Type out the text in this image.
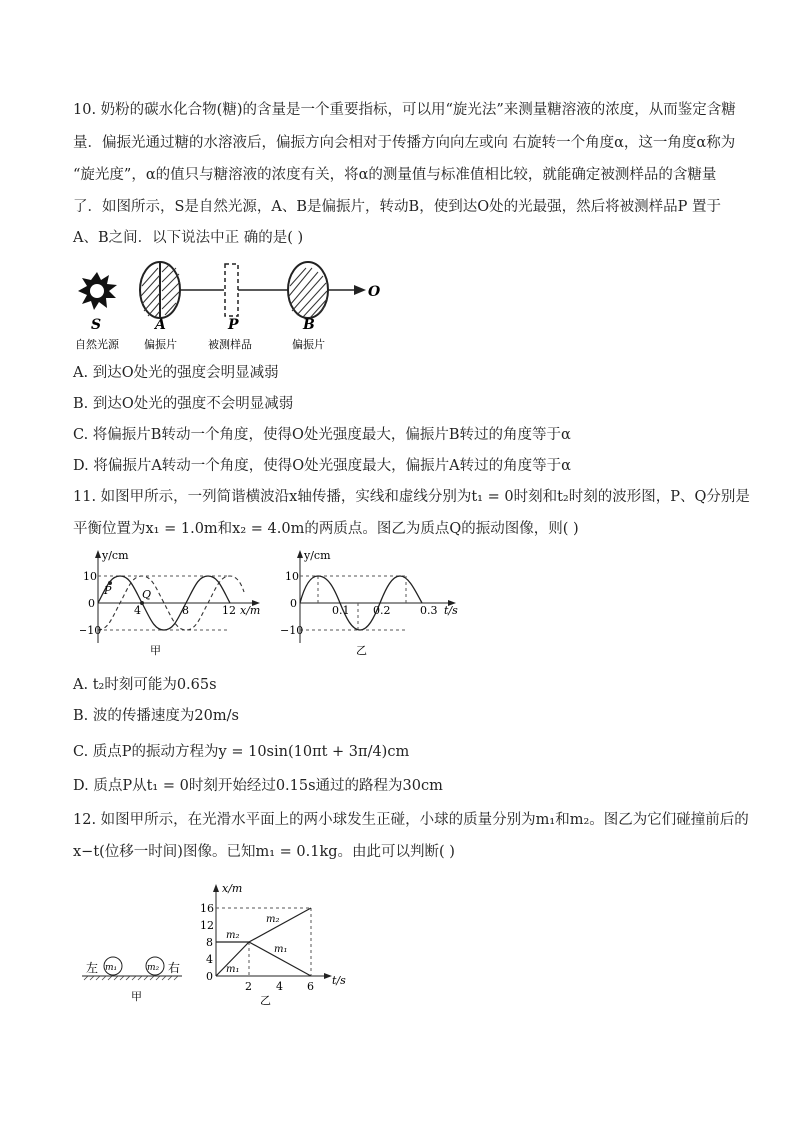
10. 奶粉的碳水化合物(糖)的含量是一个重要指标，可以用“旋光法”来测量糖溶液的浓度，从而鉴定含糖
量．偏振光通过糖的水溶液后，偏振方向会相对于传播方向向左或向 右旋转一个角度α，这一角度α称为
“旋光度”，α的值只与糖溶液的浓度有关，将α的测量值与标准值相比较，就能确定被测样品的含糖量
了．如图所示，S是自然光源，A、B是偏振片，转动B，使到达O处的光最强，然后将被测样品P 置于
A、B之间．以下说法中正 确的是( )
O
S	A	P	B
自然光源 偏振片	被测样品	偏振片
A. 到达O处光的强度会明显减弱
B. 到达O处光的强度不会明显减弱
C. 将偏振片B转动一个角度，使得O处光强度最大，偏振片B转过的角度等于α
D. 将偏振片A转动一个角度，使得O处光强度最大，偏振片A转过的角度等于α
11. 如图甲所示，一列简谐横波沿x轴传播，实线和虚线分别为t₁ = 0时刻和t₂时刻的波形图，P、Q分别是
平衡位置为x₁ = 1.0m和x₂ = 4.0m的两质点。图乙为质点Q的振动图像，则( )
P	Q
y/cm
x/m
10
0
−10
4	8	12
甲
y/cm
t/s
10
0
−10
0.1 0.2	0.3
乙
A. t₂时刻可能为0.65s
B. 波的传播速度为20m/s
C. 质点P的振动方程为y = 10sin(10πt + 3π/4)cm
D. 质点P从t₁ = 0时刻开始经过0.15s通过的路程为30cm
12. 如图甲所示，在光滑水平面上的两小球发生正碰，小球的质量分别为m₁和m₂。图乙为它们碰撞前后的
x−t(位移一时间)图像。已知m₁ = 0.1kg。由此可以判断( )
左 m₁	m₂ 右
甲
x/m
t/s
16
12
8
4
0
2 4 6
m₂
m₂
m₁
m₁
乙
